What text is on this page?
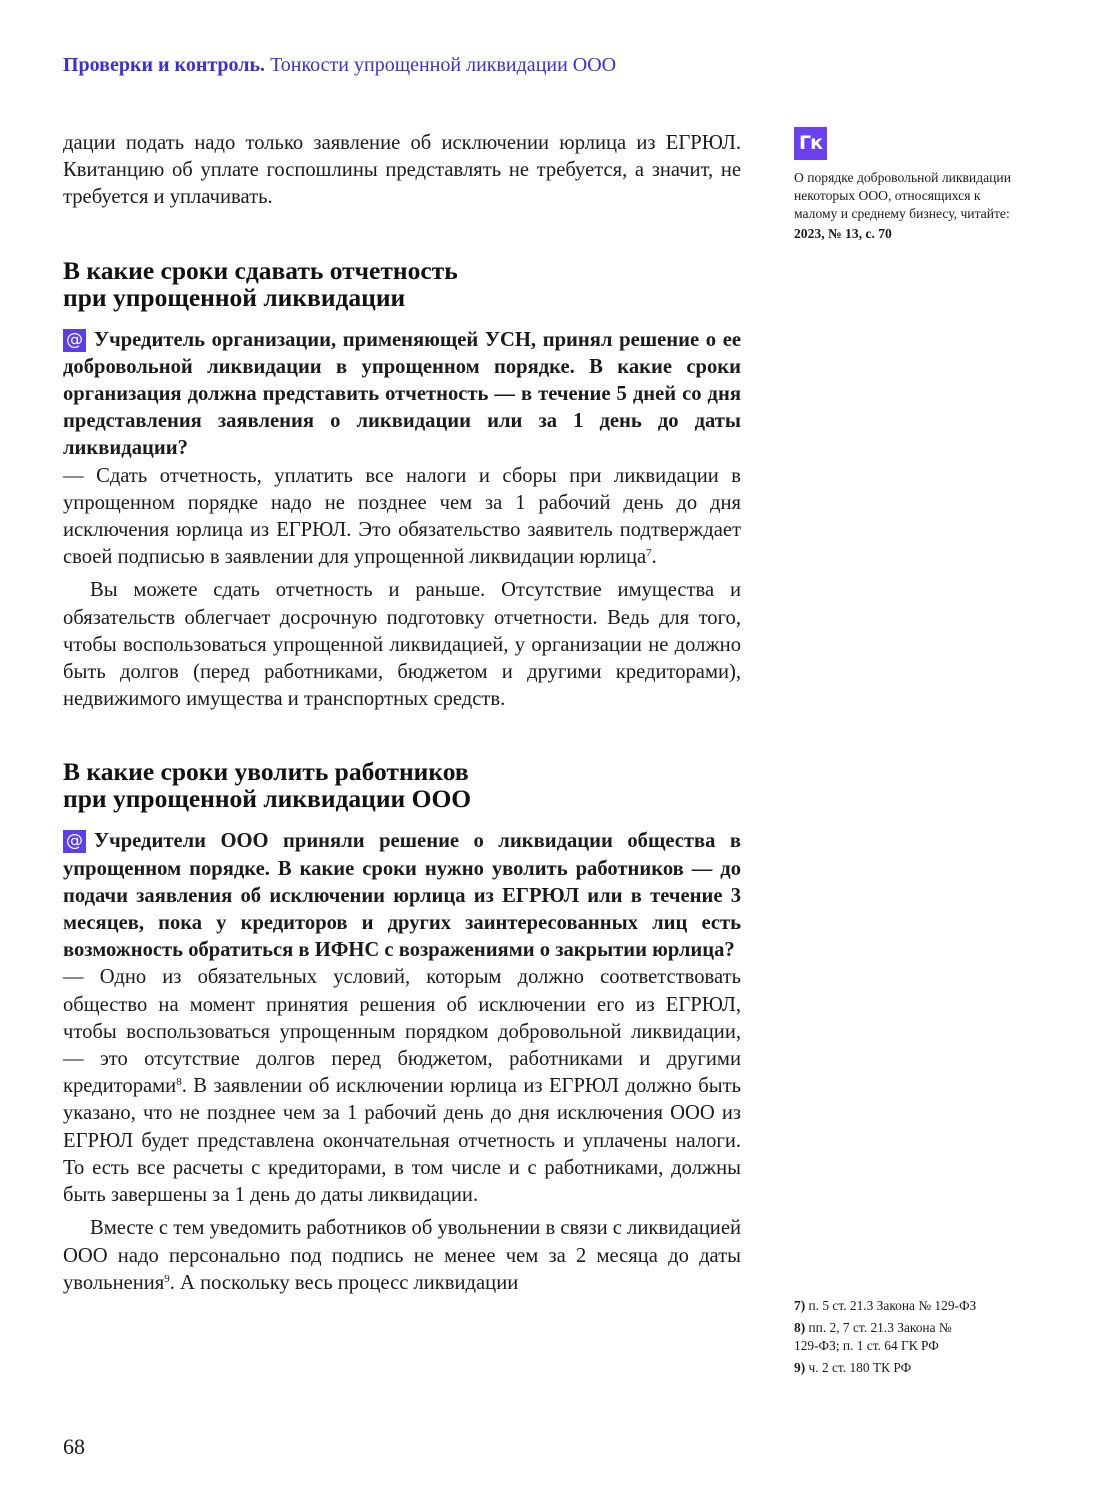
Проверки и контроль. Тонкости упрощенной ликвидации ООО

дации подать надо только заявление об исключении юрлица из ЕГРЮЛ. Квитанцию об уплате госпошлины представлять не требуется, а значит, не требуется и уплачивать.

В какие сроки сдавать отчетность
при упрощенной ликвидации

@ Учредитель организации, применяющей УСН, принял решение о ее добровольной ликвидации в упрощенном порядке. В какие сроки организация должна представить отчетность — в течение 5 дней со дня представления заявления о ликвидации или за 1 день до даты ликвидации?

— Сдать отчетность, уплатить все налоги и сборы при ликвидации в упрощенном порядке надо не позднее чем за 1 рабочий день до дня исключения юрлица из ЕГРЮЛ. Это обязательство заявитель подтверждает своей подписью в заявлении для упрощенной ликвидации юрлица$^7$.

Вы можете сдать отчетность и раньше. Отсутствие имущества и обязательств облегчает досрочную подготовку отчетности. Ведь для того, чтобы воспользоваться упрощенной ликвидацией, у организации не должно быть долгов (перед работниками, бюджетом и другими кредиторами), недвижимого имущества и транспортных средств.

В какие сроки уволить работников
при упрощенной ликвидации ООО

@ Учредители ООО приняли решение о ликвидации общества в упрощенном порядке. В какие сроки нужно уволить работников — до подачи заявления об исключении юрлица из ЕГРЮЛ или в течение 3 месяцев, пока у кредиторов и других заинтересованных лиц есть возможность обратиться в ИФНС с возражениями о закрытии юрлица?

— Одно из обязательных условий, которым должно соответствовать общество на момент принятия решения об исключении его из ЕГРЮЛ, чтобы воспользоваться упрощенным порядком добровольной ликвидации, — это отсутствие долгов перед бюджетом, работниками и другими кредиторами$^8$. В заявлении об исключении юрлица из ЕГРЮЛ должно быть указано, что не позднее чем за 1 рабочий день до дня исключения ООО из ЕГРЮЛ будет представлена окончательная отчетность и уплачены налоги. То есть все расчеты с кредиторами, в том числе и с работниками, должны быть завершены за 1 день до даты ликвидации.

Вместе с тем уведомить работников об увольнении в связи с ликвидацией ООО надо персонально под подпись не менее чем за 2 месяца до даты увольнения$^9$. А поскольку весь процесс ликвидации

Гк
О порядке добровольной ликвидации некоторых ООО, относящихся к малому и среднему бизнесу, читайте:
2023, № 13, с. 70
7) п. 5 ст. 21.3 Закона № 129-ФЗ
8) пп. 2, 7 ст. 21.3 Закона № 129-ФЗ; п. 1 ст. 64 ГК РФ
9) ч. 2 ст. 180 ТК РФ
68
